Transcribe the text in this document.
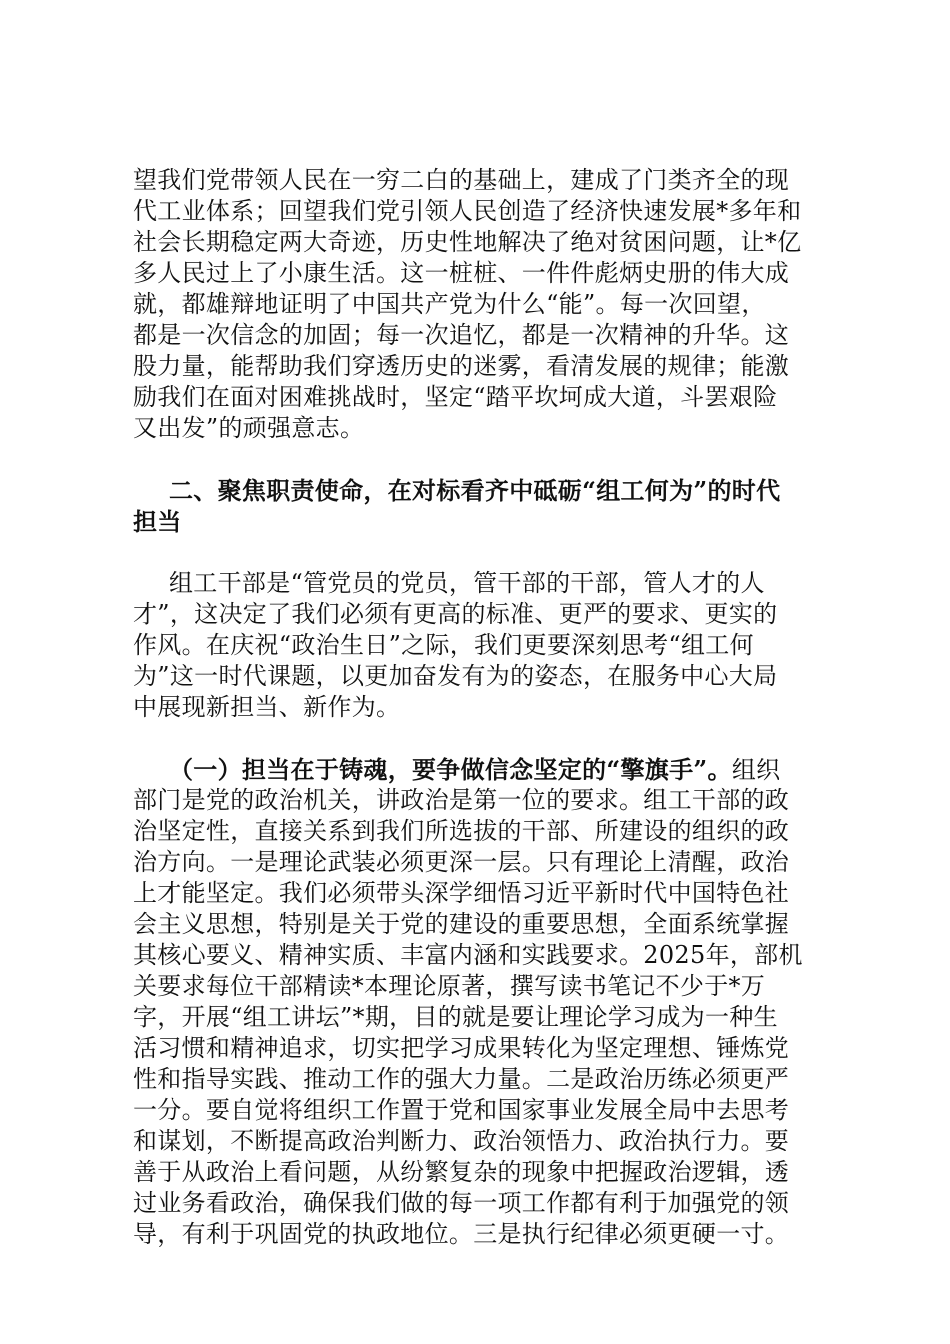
望我们党带领人民在一穷二白的基础上，建成了门类齐全的现
代工业体系；回望我们党引领人民创造了经济快速发展*多年和
社会长期稳定两大奇迹，历史性地解决了绝对贫困问题，让*亿
多人民过上了小康生活。这一桩桩、一件件彪炳史册的伟大成
就，都雄辩地证明了中国共产党为什么“能”。每一次回望，
都是一次信念的加固；每一次追忆，都是一次精神的升华。这
股力量，能帮助我们穿透历史的迷雾，看清发展的规律；能激
励我们在面对困难挑战时，坚定“踏平坎坷成大道，斗罢艰险
又出发”的顽强意志。
二、聚焦职责使命，在对标看齐中砥砺“组工何为”的时代
担当
组工干部是“管党员的党员，管干部的干部，管人才的人
才”，这决定了我们必须有更高的标准、更严的要求、更实的
作风。在庆祝“政治生日”之际，我们更要深刻思考“组工何
为”这一时代课题，以更加奋发有为的姿态，在服务中心大局
中展现新担当、新作为。
（一）担当在于铸魂，要争做信念坚定的“擎旗手”。组织
部门是党的政治机关，讲政治是第一位的要求。组工干部的政
治坚定性，直接关系到我们所选拔的干部、所建设的组织的政
治方向。一是理论武装必须更深一层。只有理论上清醒，政治
上才能坚定。我们必须带头深学细悟习近平新时代中国特色社
会主义思想，特别是关于党的建设的重要思想，全面系统掌握
其核心要义、精神实质、丰富内涵和实践要求。2025年，部机
关要求每位干部精读*本理论原著，撰写读书笔记不少于*万
字，开展“组工讲坛”*期，目的就是要让理论学习成为一种生
活习惯和精神追求，切实把学习成果转化为坚定理想、锤炼党
性和指导实践、推动工作的强大力量。二是政治历练必须更严
一分。要自觉将组织工作置于党和国家事业发展全局中去思考
和谋划，不断提高政治判断力、政治领悟力、政治执行力。要
善于从政治上看问题，从纷繁复杂的现象中把握政治逻辑，透
过业务看政治，确保我们做的每一项工作都有利于加强党的领
导，有利于巩固党的执政地位。三是执行纪律必须更硬一寸。
